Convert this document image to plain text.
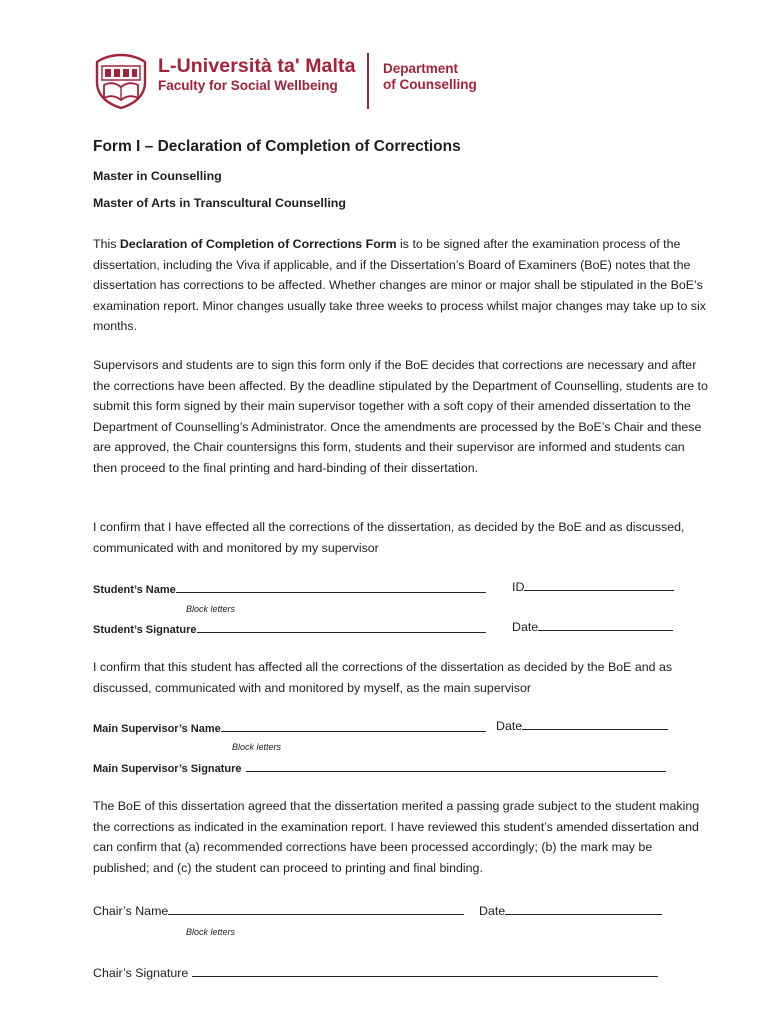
L-Università ta' Malta
Faculty for Social Wellbeing
Department
of Counselling
Form I – Declaration of Completion of Corrections
Master in Counselling
Master of Arts in Transcultural Counselling

This Declaration of Completion of Corrections Form is to be signed after the examination process of the dissertation, including the Viva if applicable, and if the Dissertation’s Board of Examiners (BoE) notes that the dissertation has corrections to be affected. Whether changes are minor or major shall be stipulated in the BoE’s examination report. Minor changes usually take three weeks to process whilst major changes may take up to six months.

Supervisors and students are to sign this form only if the BoE decides that corrections are necessary and after the corrections have been affected. By the deadline stipulated by the Department of Counselling, students are to submit this form signed by their main supervisor together with a soft copy of their amended dissertation to the Department of Counselling’s Administrator. Once the amendments are processed by the BoE’s Chair and these are approved, the Chair countersigns this form, students and their supervisor are informed and students can then proceed to the final printing and hard-binding of their dissertation.

I confirm that I have effected all the corrections of the dissertation, as decided by the BoE and as discussed, communicated with and monitored by my supervisor

Student’s Name	ID
Block letters
Student’s Signature	Date

I confirm that this student has affected all the corrections of the dissertation as decided by the BoE and as discussed, communicated with and monitored by myself, as the main supervisor

Main Supervisor’s Name	Date
Block letters
Main Supervisor’s Signature

The BoE of this dissertation agreed that the dissertation merited a passing grade subject to the student making the corrections as indicated in the examination report. I have reviewed this student’s amended dissertation and can confirm that (a) recommended corrections have been processed accordingly; (b) the mark may be published; and (c) the student can proceed to printing and final binding.

Chair’s Name	Date
Block letters
Chair’s Signature
